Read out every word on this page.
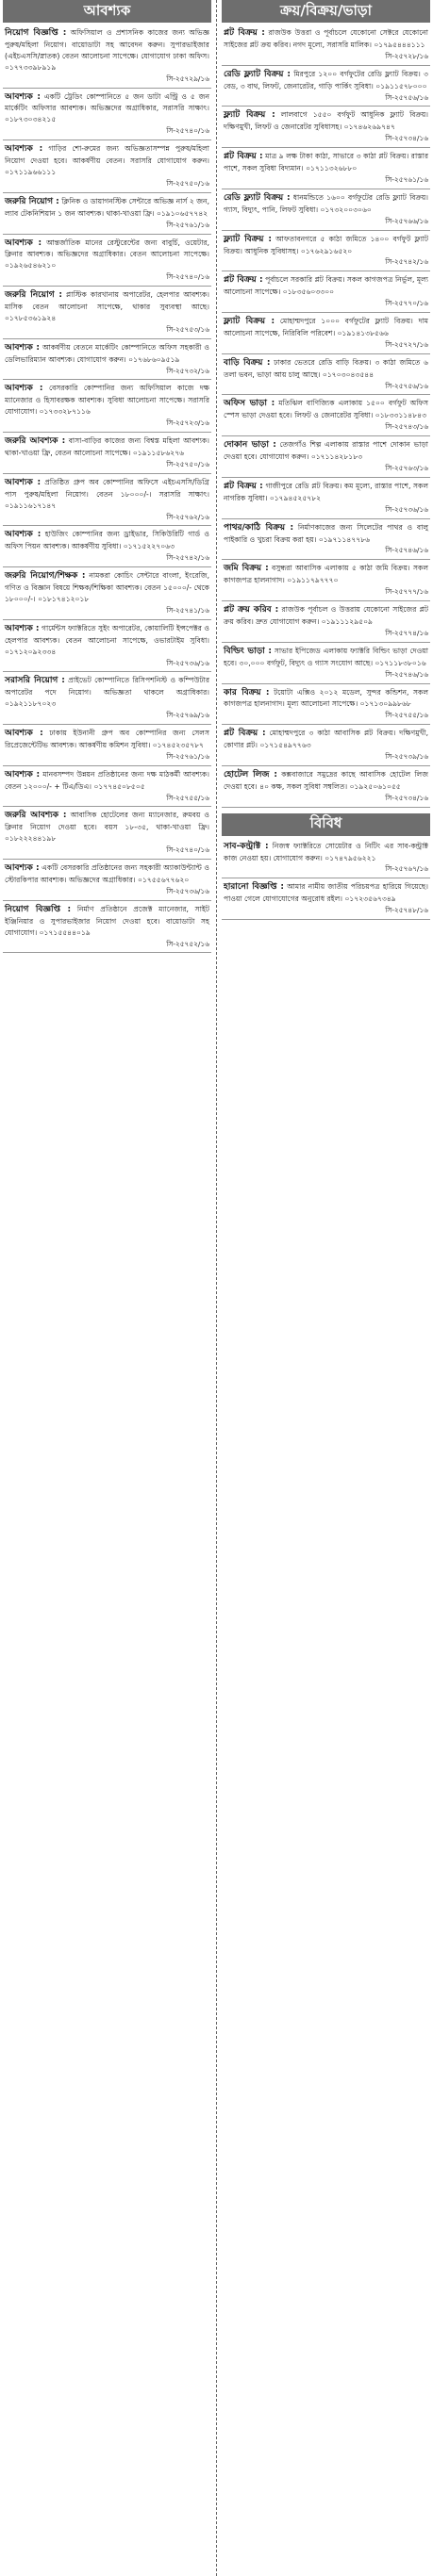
আবশ্যক
নিয়োগ বিজ্ঞপ্তি : অফিসিয়াল ও প্রশাসনিক কাজের জন্য অভিজ্ঞ পুরুষ/মহিলা নিয়োগ। বায়োডাটা সহ আবেদন করুন। সুপারভাইজার (এইচএসসি/স্নাতক) বেতন আলোচনা সাপেক্ষে। যোগাযোগ ঢাকা অফিস। ০১৭৭৩৩৯৮৯১৯
সি-২৫৭২৯/১৬
আবশ্যক : একটি ট্রেডিং কোম্পানিতে ৫ জন ডাটা এন্ট্রি ও ৫ জন মার্কেটিং অফিসার আবশ্যক। অভিজ্ঞদের অগ্রাধিকার, সরাসরি সাক্ষাৎ। ০১৮৭৩০৩৪২১৫
সি-২৫৭৪০/১৬
আবশ্যক : গাড়ির শো-রুমের জন্য অভিজ্ঞতাসম্পন্ন পুরুষ/মহিলা নিয়োগ দেওয়া হবে। আকর্ষণীয় বেতন। সরাসরি যোগাযোগ করুন। ০১৭১১৯৬৬১১১
সি-২৫৭৫০/১৬
জরুরি নিয়োগ : ক্লিনিক ও ডায়াগনস্টিক সেন্টারে অভিজ্ঞ নার্স ২ জন, ল্যাব টেকনিশিয়ান ১ জন আবশ্যক। থাকা-খাওয়া ফ্রি। ০১৯১০৬৫৭৭৪২
সি-২৫৭৬১/১৬
আবশ্যক : আন্তর্জাতিক মানের রেস্টুরেন্টের জন্য বাবুর্চি, ওয়েটার, ক্লিনার আবশ্যক। অভিজ্ঞদের অগ্রাধিকার। বেতন আলোচনা সাপেক্ষে। ০১৯২৬৫৪৬২১০
সি-২৫৭৪০/১৬
জরুরি নিয়োগ : প্লাস্টিক কারখানায় অপারেটর, হেলপার আবশ্যক। মাসিক বেতন আলোচনা সাপেক্ষে, থাকার সুব্যবস্থা আছে। ০১৭৮৫৩৬১৯২৪
সি-২৫৭৫৩/১৬
আবশ্যক : আকর্ষণীয় বেতনে মার্কেটিং কোম্পানিতে অফিস সহকারী ও ডেলিভারিম্যান আবশ্যক। যোগাযোগ করুন। ০১৭৬৮৬০৯৫১৯
সি-২৫৭৩২/১৬
আবশ্যক : বেসরকারি কোম্পানির জন্য অফিসিয়াল কাজে দক্ষ ম্যানেজার ও হিসাবরক্ষক আবশ্যক। সুবিধা আলোচনা সাপেক্ষে। সরাসরি যোগাযোগ। ০১৭৩৩২৮৭১১৬
সি-২৫৭২৩/১৬
জরুরি আবশ্যক : বাসা-বাড়ির কাজের জন্য বিশ্বস্ত মহিলা আবশ্যক। থাকা-খাওয়া ফ্রি, বেতন আলোচনা সাপেক্ষে। ০১৯১১৫৮৬২৭৬
সি-২৫৭৫০/১৬
আবশ্যক : প্রতিষ্ঠিত গ্রুপ অব কোম্পানির অফিসে এইচএসসি/ডিগ্রি পাস পুরুষ/মহিলা নিয়োগ। বেতন ১৮০০০/-। সরাসরি সাক্ষাৎ। ০১৯১১৬১৭১৪৭
সি-২৫৭৬২/১৬
আবশ্যক : হাউজিং কোম্পানির জন্য ড্রাইভার, সিকিউরিটি গার্ড ও অফিস পিয়ন আবশ্যক। আকর্ষণীয় সুবিধা। ০১৭১৫২২৭০৬৩
সি-২৫৭৪২/১৬
জরুরি নিয়োগ/শিক্ষক : নামকরা কোচিং সেন্টারে বাংলা, ইংরেজি, গণিত ও বিজ্ঞান বিষয়ে শিক্ষক/শিক্ষিকা আবশ্যক। বেতন ১৫০০০/- থেকে ১৮০০০/-। ০১৮১৭৪১২০১৮
সি-২৫৭৪১/১৬
আবশ্যক : গার্মেন্টস ফ্যাক্টরিতে সুইং অপারেটর, কোয়ালিটি ইন্সপেক্টর ও হেলপার আবশ্যক। বেতন আলোচনা সাপেক্ষে, ওভারটাইম সুবিধা। ০১৭১২০৯২৩৩৪
সি-২৫৭৩৬/১৬
সরাসরি নিয়োগ : প্রাইভেট কোম্পানিতে রিসিপশনিস্ট ও কম্পিউটার অপারেটর পদে নিয়োগ। অভিজ্ঞতা থাকলে অগ্রাধিকার। ০১৯২১১৮৭০২৩
সি-২৫৭৬৯/১৬
আবশ্যক : ঢাকায় ইউনানী গ্রুপ অব কোম্পানির জন্য সেলস রিপ্রেজেন্টেটিভ আবশ্যক। আকর্ষণীয় কমিশন সুবিধা। ০১৭৪৫২৩৫৭৮৭
সি-২৫৭৬১/১৬
আবশ্যক : মানবসম্পদ উন্নয়ন প্রতিষ্ঠানের জন্য দক্ষ মাঠকর্মী আবশ্যক। বেতন ১২০০০/- + টিএ/ডিএ। ০১৭৭৪৫০৮৫০৫
সি-২৫৭৫৫/১৬
জরুরি আবশ্যক : আবাসিক হোটেলের জন্য ম্যানেজার, রুমবয় ও ক্লিনার নিয়োগ দেওয়া হবে। বয়স ১৮-৩৫, থাকা-খাওয়া ফ্রি। ০১৮২২২৪৪১৯৮
সি-২৫৭৪০/১৬
আবশ্যক : একটি বেসরকারি প্রতিষ্ঠানের জন্য সহকারী অ্যাকাউন্ট্যান্ট ও স্টোরকিপার আবশ্যক। অভিজ্ঞদের অগ্রাধিকার। ০১৭৫৫৬৭৭৬২০
সি-২৫৭৩৬/১৬
নিয়োগ বিজ্ঞপ্তি : নির্মাণ প্রতিষ্ঠানে প্রজেক্ট ম্যানেজার, সাইট ইঞ্জিনিয়ার ও সুপারভাইজার নিয়োগ দেওয়া হবে। বায়োডাটা সহ যোগাযোগ। ০১৭১৫৫৪৪০১৯
সি-২৫৭৫২/১৬
ক্রয়/বিক্রয়/ভাড়া
প্লট বিক্রয় : রাজউক উত্তরা ও পূর্বাচলে যেকোনো সেক্টরে যেকোনো সাইজের প্লট ক্রয় করিব। নগদ মূল্যে, সরাসরি মালিক। ০১৭৯৫৪৪৪১১১
সি-২৫৭২৮/১৬
রেডি ফ্ল্যাট বিক্রয় : মিরপুরে ১২০০ বর্গফুটের রেডি ফ্ল্যাট বিক্রয়। ৩ বেড, ৩ বাথ, লিফট, জেনারেটর, গাড়ি পার্কিং সুবিধা। ০১৯১১৫৭৮০০০
সি-২৫৭৫৬/১৬
ফ্ল্যাট বিক্রয় : লালবাগে ১৫৫০ বর্গফুট আধুনিক ফ্ল্যাট বিক্রয়। দক্ষিণমুখী, লিফট ও জেনারেটর সুবিধাসহ। ০১৭৪৬২৬৯৭৪৭
সি-২৫৭৩৪/১৬
প্লট বিক্রয় : মাত্র ৯ লক্ষ টাকা কাঠা, সাভারে ৩ কাঠা প্লট বিক্রয়। রাস্তার পাশে, সকল সুবিধা বিদ্যমান। ০১৭১১৩২৬৮৮০
সি-২৫৭৬১/১৬
রেডি ফ্ল্যাট বিক্রয় : ধানমন্ডিতে ১৬০০ বর্গফুটের রেডি ফ্ল্যাট বিক্রয়। গ্যাস, বিদ্যুৎ, পানি, লিফট সুবিধা। ০১৭৩২০০৩০৬০
সি-২৫৭৬৬/১৬
ফ্ল্যাট বিক্রয় : আফতাবনগরে ৫ কাঠা জমিতে ১৪০০ বর্গফুট ফ্ল্যাট বিক্রয়। আধুনিক সুবিধাসহ। ০১৭৬২৯১৬৫২০
সি-২৫৭৪২/১৬
প্লট বিক্রয় : পূর্বাচলে সরকারি প্লট বিক্রয়। সকল কাগজপত্র নির্ভুল, মূল্য আলোচনা সাপেক্ষে। ০১৮৩৫৬০৩৩০০
সি-২৫৭৭০/১৬
ফ্ল্যাট বিক্রয় : মোহাম্মদপুরে ১০০০ বর্গফুটের ফ্ল্যাট বিক্রয়। দাম আলোচনা সাপেক্ষে, নিরিবিলি পরিবেশ। ০১৯১৪১৩৮৫৬৬
সি-২৫৭২৭/১৬
বাড়ি বিক্রয় : ঢাকার ভেতরে রেডি বাড়ি বিক্রয়। ৩ কাঠা জমিতে ৬ তলা ভবন, ভাড়া আয় চালু আছে। ০১৭০৩০৪৩৫৪৪
সি-২৫৭৫৬/১৬
অফিস ভাড়া : মতিঝিল বাণিজ্যিক এলাকায় ১৫০০ বর্গফুট অফিস স্পেস ভাড়া দেওয়া হবে। লিফট ও জেনারেটর সুবিধা। ০১৮৩৩১১৪৮৪৩
সি-২৫৭৪৩/১৬
দোকান ভাড়া : তেজগাঁও শিল্প এলাকায় রাস্তার পাশে দোকান ভাড়া দেওয়া হবে। যোগাযোগ করুন। ০১৭১১৪২৮১৮৩
সি-২৫৭৬৩/১৬
প্লট বিক্রয় : গাজীপুরে রেডি প্লট বিক্রয়। কম মূল্যে, রাস্তার পাশে, সকল নাগরিক সুবিধা। ০১৭৯৪৫২৫৭৮২
সি-২৫৭৩৬/১৬
পাথর/কাঠি বিক্রয় : নির্মাণকাজের জন্য সিলেটের পাথর ও বালু পাইকারি ও খুচরা বিক্রয় করা হয়। ০১৯৭১১৪৭৭৮৬
সি-২৫৭৪৬/১৬
জমি বিক্রয় : বসুন্ধরা আবাসিক এলাকায় ৫ কাঠা জমি বিক্রয়। সকল কাগজপত্র হালনাগাদ। ০১৯১১৭৯৭৭৭০
সি-২৫৭৭৭/১৬
প্লট ক্রয় করিব : রাজউক পূর্বাচল ও উত্তরায় যেকোনো সাইজের প্লট ক্রয় করিব। দ্রুত যোগাযোগ করুন। ০১৯১১১২৯৫০৯
সি-২৫৭৭৪/১৬
বিল্ডিং ভাড়া : সাভার ইপিজেড এলাকায় ফ্যাক্টরি বিল্ডিং ভাড়া দেওয়া হবে। ৩০,০০০ বর্গফুট, বিদ্যুৎ ও গ্যাস সংযোগ আছে। ০১৭১১৮৩৮০১৬
সি-২৫৭৪৬/১৬
কার বিক্রয় : টয়োটা এক্সিও ২০১২ মডেল, সুন্দর কন্ডিশন, সকল কাগজপত্র হালনাগাদ। মূল্য আলোচনা সাপেক্ষে। ০১৭১৩০৯৯৮৬৮
সি-২৫৭৫৫/১৬
প্লট বিক্রয় : মোহাম্মদপুরে ৩ কাঠা আবাসিক প্লট বিক্রয়। দক্ষিণমুখী, কোণার প্লট। ০১৭১৫৪৯৭৭৬৩
সি-২৫৭৩৯/১৬
হোটেল লিজ : কক্সবাজারে সমুদ্রের কাছে আবাসিক হোটেল লিজ দেওয়া হবে। ৪০ কক্ষ, সকল সুবিধা সম্বলিত। ০১৯২৫০৬১০৫৫
সি-২৫৭৩৪/১৬
বিবিধ
সাব-কন্ট্রাক্ট : নিজস্ব ফ্যাক্টরিতে সোয়েটার ও নিটিং এর সাব-কন্ট্রাক্ট কাজ নেওয়া হয়। যোগাযোগ করুন। ০১৭৪৭৯৫৬২২১
সি-২৫৭৬৭/১৬
হারানো বিজ্ঞপ্তি : আমার নামীয় জাতীয় পরিচয়পত্র হারিয়ে গিয়েছে। পাওয়া গেলে যোগাযোগের অনুরোধ রইল। ০১৭২৩৫৬৭৩৪৯
সি-২৫৭৪৮/১৬
